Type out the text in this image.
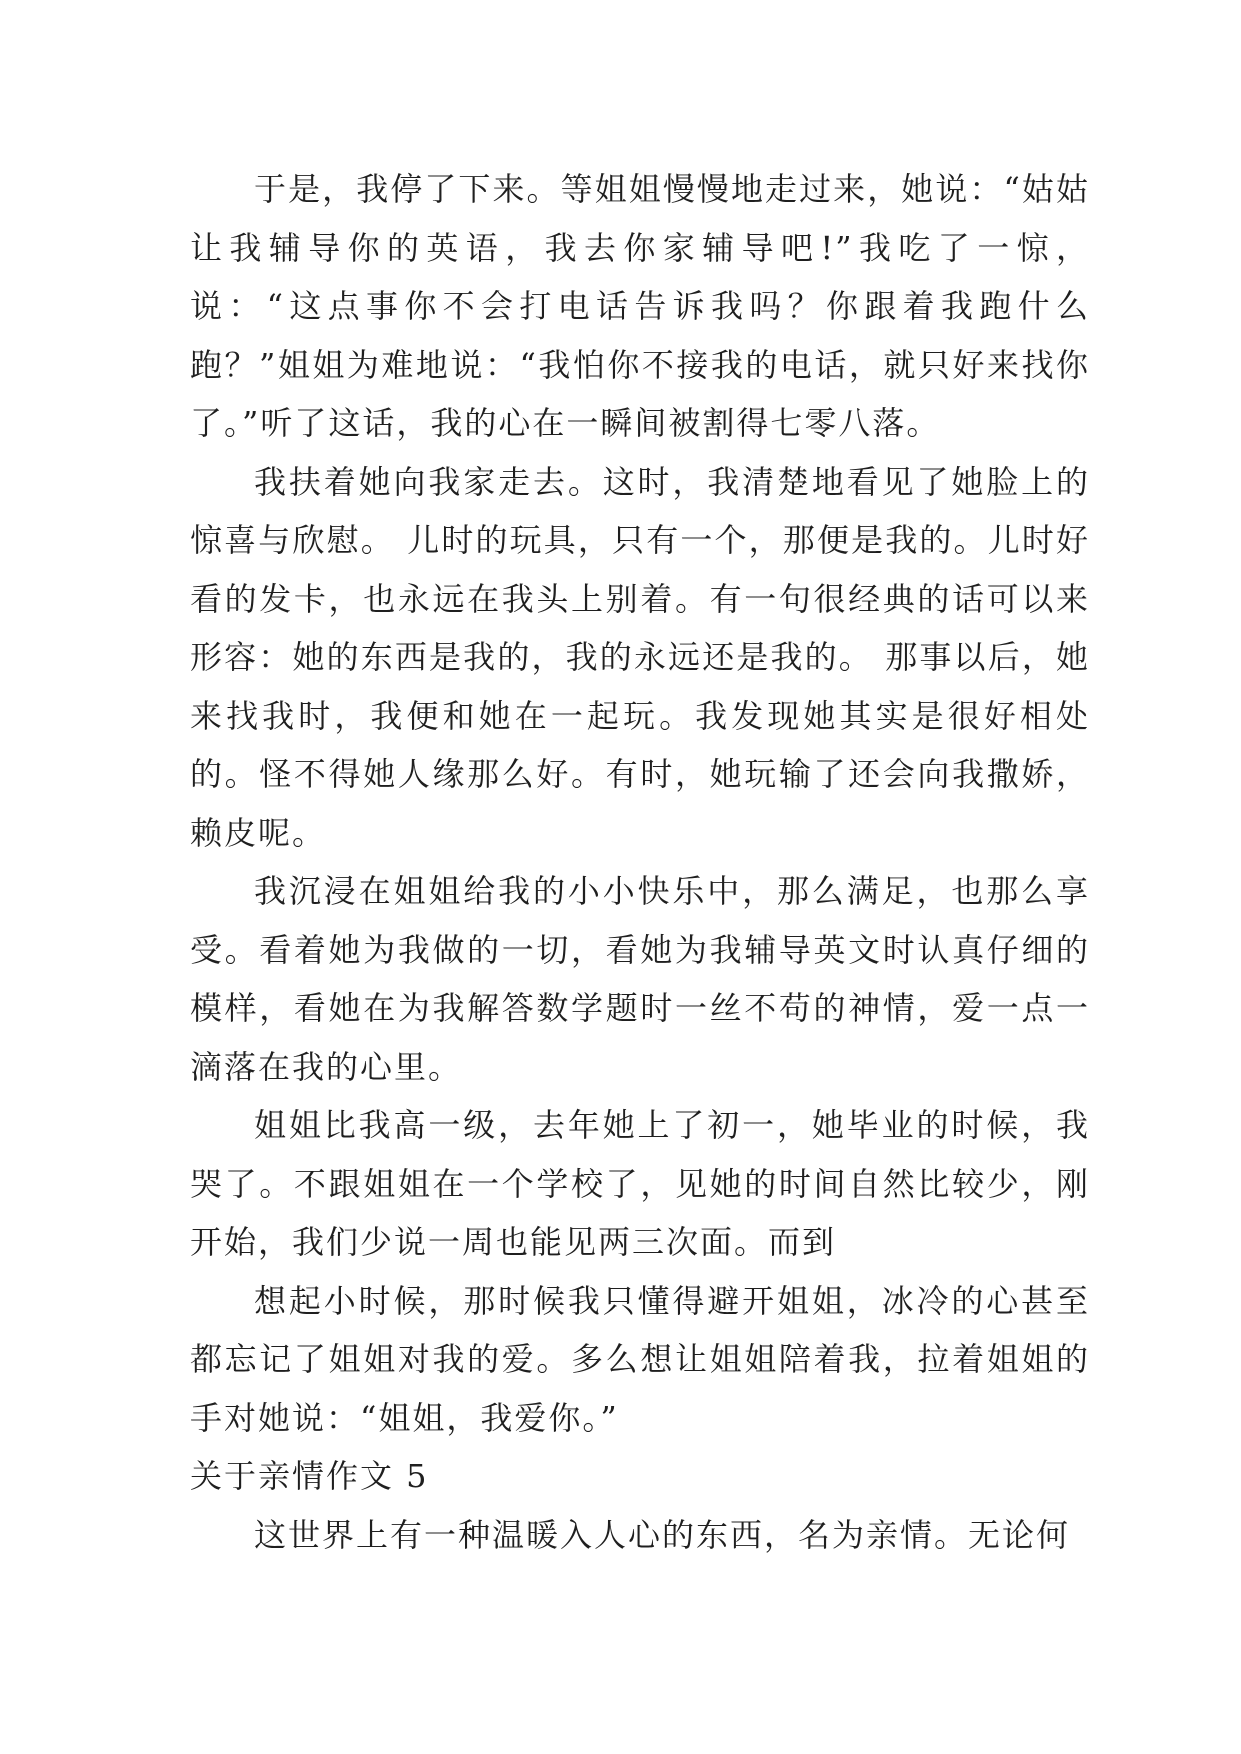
于是，我停了下来。等姐姐慢慢地走过来，她说：“姑姑让我辅导你的英语，我去你家辅导吧!”我吃了一惊，说：“这点事你不会打电话告诉我吗？你跟着我跑什么跑？”姐姐为难地说：“我怕你不接我的电话，就只好来找你了。”听了这话，我的心在一瞬间被割得七零八落。

我扶着她向我家走去。这时，我清楚地看见了她脸上的惊喜与欣慰。 儿时的玩具，只有一个，那便是我的。儿时好看的发卡，也永远在我头上别着。有一句很经典的话可以来形容：她的东西是我的，我的永远还是我的。 那事以后，她来找我时，我便和她在一起玩。我发现她其实是很好相处的。怪不得她人缘那么好。有时，她玩输了还会向我撒娇，赖皮呢。

我沉浸在姐姐给我的小小快乐中，那么满足，也那么享受。看着她为我做的一切，看她为我辅导英文时认真仔细的模样，看她在为我解答数学题时一丝不苟的神情，爱一点一滴落在我的心里。

姐姐比我高一级，去年她上了初一，她毕业的时候，我哭了。不跟姐姐在一个学校了，见她的时间自然比较少，刚开始，我们少说一周也能见两三次面。而到

想起小时候，那时候我只懂得避开姐姐，冰冷的心甚至都忘记了姐姐对我的爱。多么想让姐姐陪着我，拉着姐姐的手对她说：“姐姐，我爱你。”

关于亲情作文 5

这世界上有一种温暖入人心的东西，名为亲情。无论何
